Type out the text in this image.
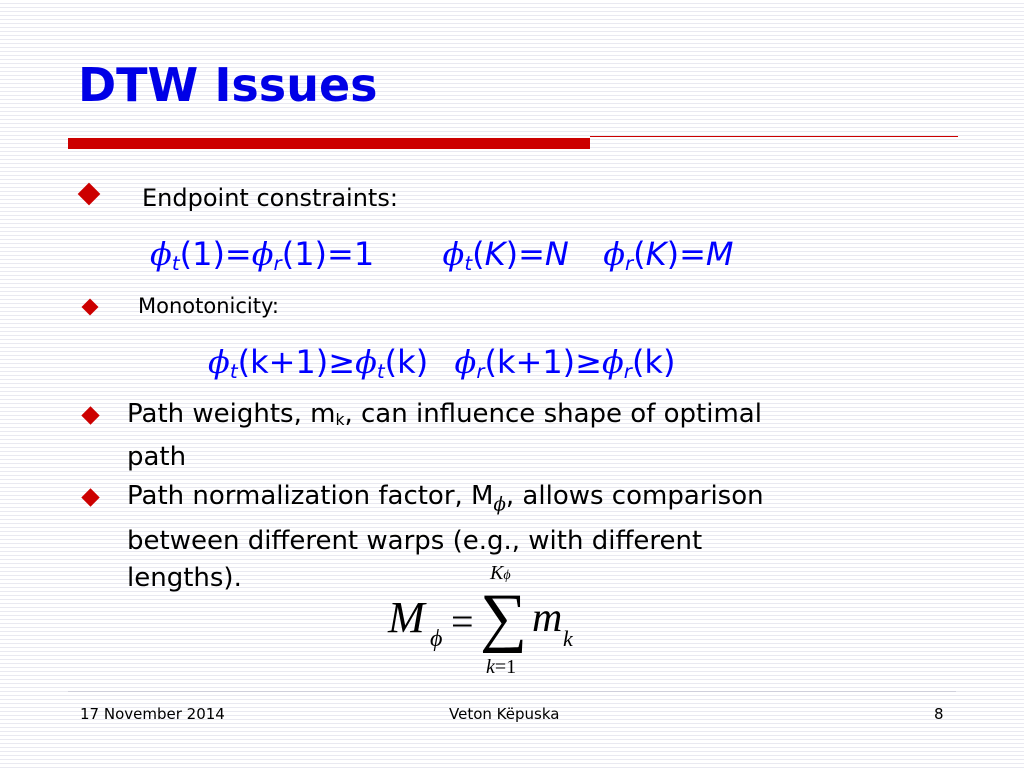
DTW Issues
Endpoint constraints:
$\phi_t(1)=\phi_r(1)=1$ $\phi_t(K)=N$ $\phi_r(K)=M$
Monotonicity:
$\phi_t(k+1)\ge\phi_t(k)$ $\phi_r(k+1)\ge\phi_r(k)$
Path weights, $m_k$, can influence shape of optimal
path
Path normalization factor, $M_\phi$, allows comparison
between different warps (e.g., with different
lengths).	Kϕ
M ϕ = ∑ m k
k=1
17 November 2014	Veton Këpuska	8
